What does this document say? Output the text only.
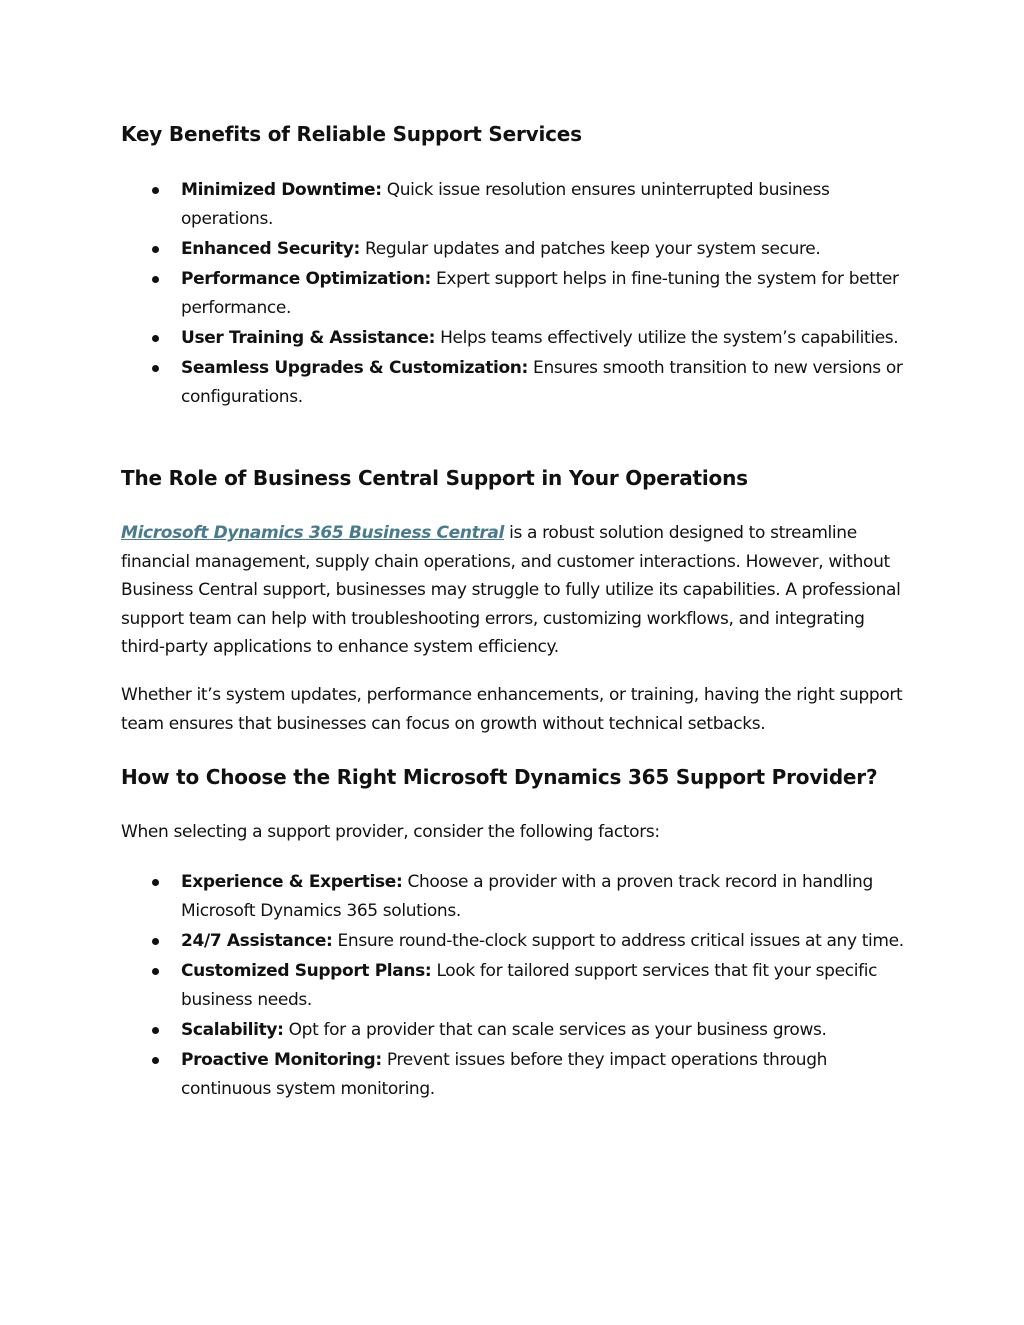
Key Benefits of Reliable Support Services
Minimized Downtime: Quick issue resolution ensures uninterrupted business operations.
Enhanced Security: Regular updates and patches keep your system secure.
Performance Optimization: Expert support helps in fine-tuning the system for better performance.
User Training & Assistance: Helps teams effectively utilize the system’s capabilities.
Seamless Upgrades & Customization: Ensures smooth transition to new versions or configurations.
The Role of Business Central Support in Your Operations

Microsoft Dynamics 365 Business Central is a robust solution designed to streamline financial management, supply chain operations, and customer interactions. However, without Business Central support, businesses may struggle to fully utilize its capabilities. A professional support team can help with troubleshooting errors, customizing workflows, and integrating third-party applications to enhance system efficiency.

Whether it’s system updates, performance enhancements, or training, having the right support team ensures that businesses can focus on growth without technical setbacks.

How to Choose the Right Microsoft Dynamics 365 Support Provider?

When selecting a support provider, consider the following factors:

Experience & Expertise: Choose a provider with a proven track record in handling Microsoft Dynamics 365 solutions.
24/7 Assistance: Ensure round-the-clock support to address critical issues at any time.
Customized Support Plans: Look for tailored support services that fit your specific business needs.
Scalability: Opt for a provider that can scale services as your business grows.
Proactive Monitoring: Prevent issues before they impact operations through continuous system monitoring.
